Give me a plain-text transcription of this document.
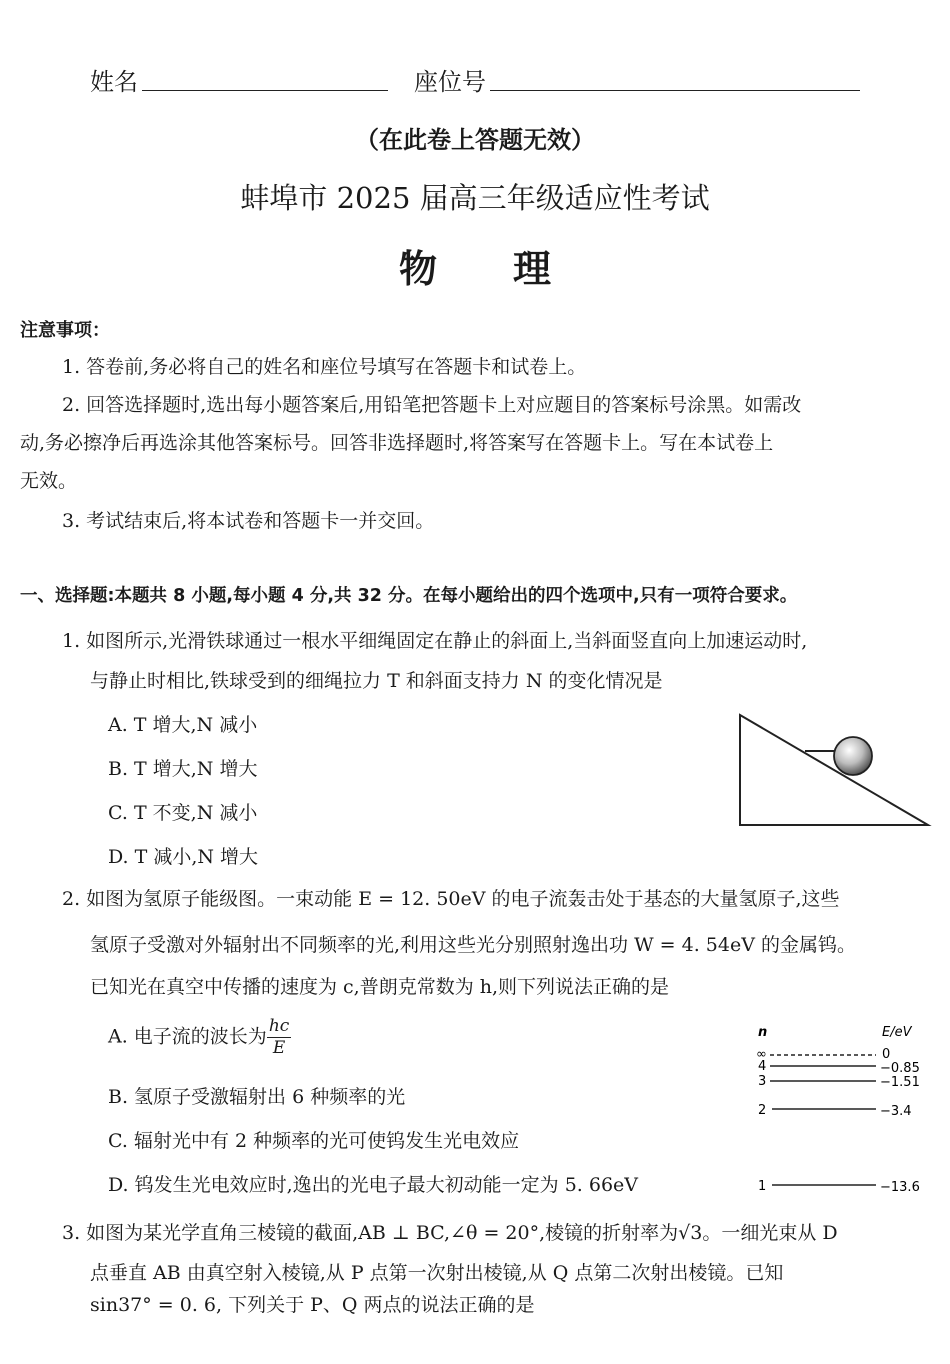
姓名	座位号
（在此卷上答题无效）
蚌埠市 2025 届高三年级适应性考试
物　　理
注意事项：
1. 答卷前,务必将自己的姓名和座位号填写在答题卡和试卷上。
2. 回答选择题时,选出每小题答案后,用铅笔把答题卡上对应题目的答案标号涂黑。如需改
动,务必擦净后再选涂其他答案标号。回答非选择题时,将答案写在答题卡上。写在本试卷上
无效。
3. 考试结束后,将本试卷和答题卡一并交回。
一、选择题:本题共 8 小题,每小题 4 分,共 32 分。在每小题给出的四个选项中,只有一项符合要求。
1. 如图所示,光滑铁球通过一根水平细绳固定在静止的斜面上,当斜面竖直向上加速运动时,
与静止时相比,铁球受到的细绳拉力 T 和斜面支持力 N 的变化情况是
A. T 增大,N 减小
B. T 增大,N 增大
C. T 不变,N 减小
D. T 减小,N 增大
2. 如图为氢原子能级图。一束动能 E = 12. 50eV 的电子流轰击处于基态的大量氢原子,这些
氢原子受激对外辐射出不同频率的光,利用这些光分别照射逸出功 W = 4. 54eV 的金属钨。
已知光在真空中传播的速度为 c,普朗克常数为 h,则下列说法正确的是
A. 电子流的波长为 $\frac{hc}{E}$
B. 氢原子受激辐射出 6 种频率的光
C. 辐射光中有 2 种频率的光可使钨发生光电效应
D. 钨发生光电效应时,逸出的光电子最大初动能一定为 5. 66eV
n	E/eV
∞	0
4	−0.85
3	−1.51
2	−3.4
1	−13.6
3. 如图为某光学直角三棱镜的截面,AB ⊥ BC,∠θ = 20°,棱镜的折射率为√3。一细光束从 D
点垂直 AB 由真空射入棱镜,从 P 点第一次射出棱镜,从 Q 点第二次射出棱镜。已知
sin37° = 0. 6, 下列关于 P、Q 两点的说法正确的是
